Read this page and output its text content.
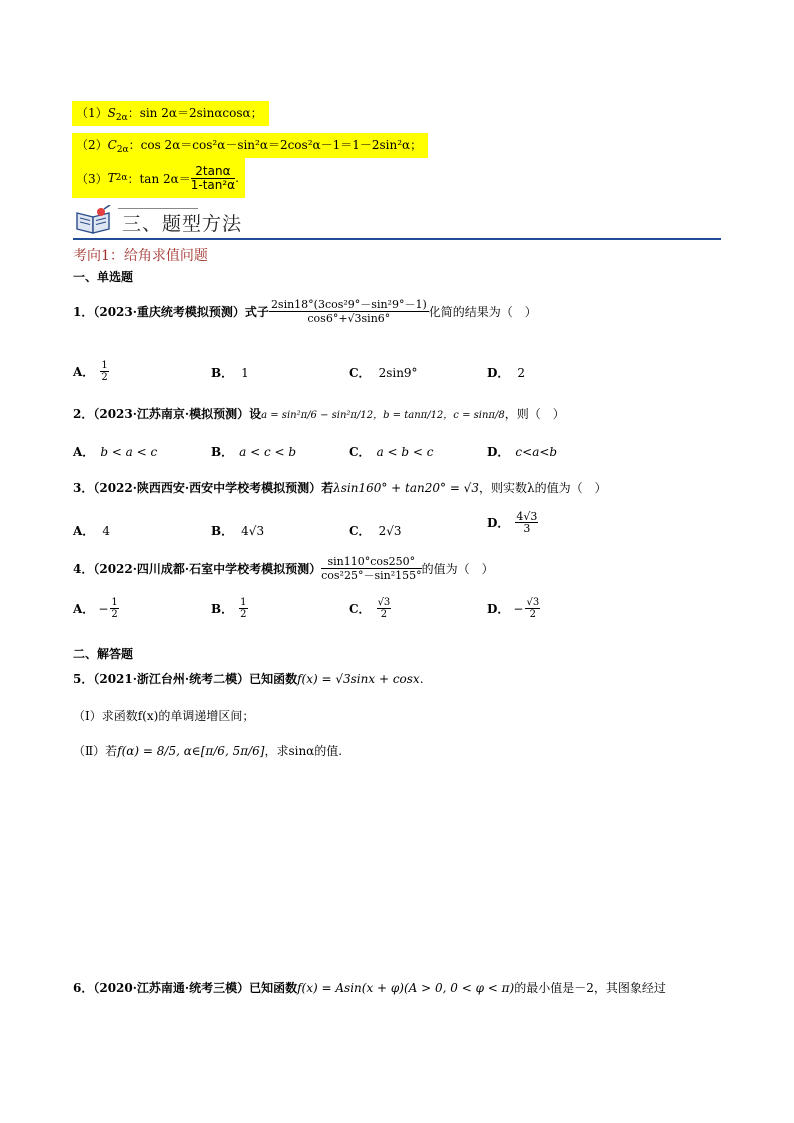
$(1)S_{2\alpha}$：sin 2α＝2sinαcosα；
$(2)C_{2\alpha}$：cos 2α＝cos²α－sin²α＝2cos²α－1＝1－2sin²α；
（3） T 2α ：$\tan 2\alpha= \frac{2\tan\alpha}{\text{1-tan²α}}$ .
三、题型方法
考向1：给角求值问题
一、单选题
1．（2023·重庆统考模拟预测）式子 $\frac{\text{2sin18°(3cos²9°－sin²9°－1)}}{\cos 6^\circ+√3\sin 6^\circ}$ 化简的结果为（　）
A． $\frac{1}{2}$	B． 1	C． 2sin9°	D． 2
2．（2023·江苏南京·模拟预测）设a = sin²π/6 − sin²π/12，b = tanπ/12，c = sinπ/8，则（　）
A． b < a < c	B． a < c < b	C． a < b < c	D． c<a<b
3．（2022·陕西西安·西安中学校考模拟预测）若λsin160° + tan20° = √3，则实数λ的值为（　）
A． 4	B． 4√3	C． 2√3
D． $\frac{4√3}{3}$
4．（2022·四川成都·石室中学校考模拟预测） $\frac{\sin 110^\circ\cos 250^\circ}{\text{cos²25°－sin²155°}}$ 的值为（　）
A． − $\frac{1}{2}$	B． $\frac{1}{2}$	C． $\frac{√3}{2}$	D． − $\frac{√3}{2}$
二、解答题
5．（2021·浙江台州·统考二模）已知函数f(x) = √3sinx + cosx.
（Ⅰ）求函数f(x)的单调递增区间；
（Ⅱ）若f(α) = 8/5, α∈[π/6, 5π/6]，求sinα的值.
6．（2020·江苏南通·统考三模）已知函数f(x) = Asin(x + φ)(A > 0, 0 < φ < π)的最小值是－2，其图象经过
